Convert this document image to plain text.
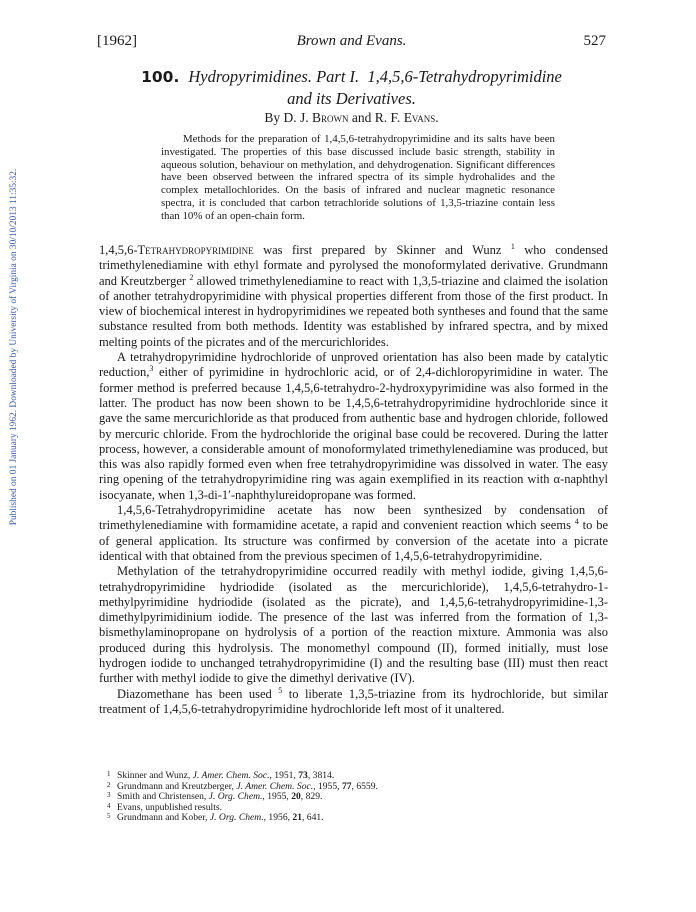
Published on 01 January 1962. Downloaded by University of Virginia on 30/10/2013 11:35:32.
[1962]	Brown and Evans.	527
100. Hydropyrimidines. Part I. 1,4,5,6-Tetrahydropyrimidine
and its Derivatives.
By D. J. Brown and R. F. Evans.
Methods for the preparation of 1,4,5,6-tetrahydropyrimidine and its salts have been investigated. The properties of this base discussed include basic strength, stability in aqueous solution, behaviour on methylation, and dehydrogenation. Significant differences have been observed between the infrared spectra of its simple hydrohalides and the complex metallochlorides. On the basis of infrared and nuclear magnetic resonance spectra, it is concluded that carbon tetrachloride solutions of 1,3,5-triazine contain less than 10% of an open-chain form.

1,4,5,6-Tetrahydropyrimidine was first prepared by Skinner and Wunz $^1$ who condensed trimethylenediamine with ethyl formate and pyrolysed the monoformylated derivative. Grundmann and Kreutzberger $^2$ allowed trimethylenediamine to react with 1,3,5-triazine and claimed the isolation of another tetrahydropyrimidine with physical properties different from those of the first product. In view of biochemical interest in hydropyrimidines we repeated both syntheses and found that the same substance resulted from both methods. Identity was established by infrared spectra, and by mixed melting points of the picrates and of the mercurichlorides.

A tetrahydropyrimidine hydrochloride of unproved orientation has also been made by catalytic reduction,$^3$ either of pyrimidine in hydrochloric acid, or of 2,4-dichloropyrimidine in water. The former method is preferred because 1,4,5,6-tetrahydro-2-hydroxypyrimidine was also formed in the latter. The product has now been shown to be 1,4,5,6-tetrahydropyrimidine hydrochloride since it gave the same mercurichloride as that produced from authentic base and hydrogen chloride, followed by mercuric chloride. From the hydrochloride the original base could be recovered. During the latter process, however, a considerable amount of monoformylated trimethylenediamine was produced, but this was also rapidly formed even when free tetrahydropyrimidine was dissolved in water. The easy ring opening of the tetrahydropyrimidine ring was again exemplified in its reaction with α-naphthyl isocyanate, when 1,3-di-1′-naphthylureidopropane was formed.

1,4,5,6-Tetrahydropyrimidine acetate has now been synthesized by condensation of trimethylenediamine with formamidine acetate, a rapid and convenient reaction which seems $^4$ to be of general application. Its structure was confirmed by conversion of the acetate into a picrate identical with that obtained from the previous specimen of 1,4,5,6-tetrahydropyrimidine.

Methylation of the tetrahydropyrimidine occurred readily with methyl iodide, giving 1,4,5,6-tetrahydropyrimidine hydriodide (isolated as the mercurichloride), 1,4,5,6-tetrahydro-1-methylpyrimidine hydriodide (isolated as the picrate), and 1,4,5,6-tetrahydropyrimidine-1,3-dimethylpyrimidinium iodide. The presence of the last was inferred from the formation of 1,3-bismethylaminopropane on hydrolysis of a portion of the reaction mixture. Ammonia was also produced during this hydrolysis. The monomethyl compound (II), formed initially, must lose hydrogen iodide to unchanged tetrahydropyrimidine (I) and the resulting base (III) must then react further with methyl iodide to give the dimethyl derivative (IV).

Diazomethane has been used $^5$ to liberate 1,3,5-triazine from its hydrochloride, but similar treatment of 1,4,5,6-tetrahydropyrimidine hydrochloride left most of it unaltered.

1 Skinner and Wunz, J. Amer. Chem. Soc., 1951, 73, 3814.
2 Grundmann and Kreutzberger, J. Amer. Chem. Soc., 1955, 77, 6559.
3 Smith and Christensen, J. Org. Chem., 1955, 20, 829.
4 Evans, unpublished results.
5 Grundmann and Kober, J. Org. Chem., 1956, 21, 641.
